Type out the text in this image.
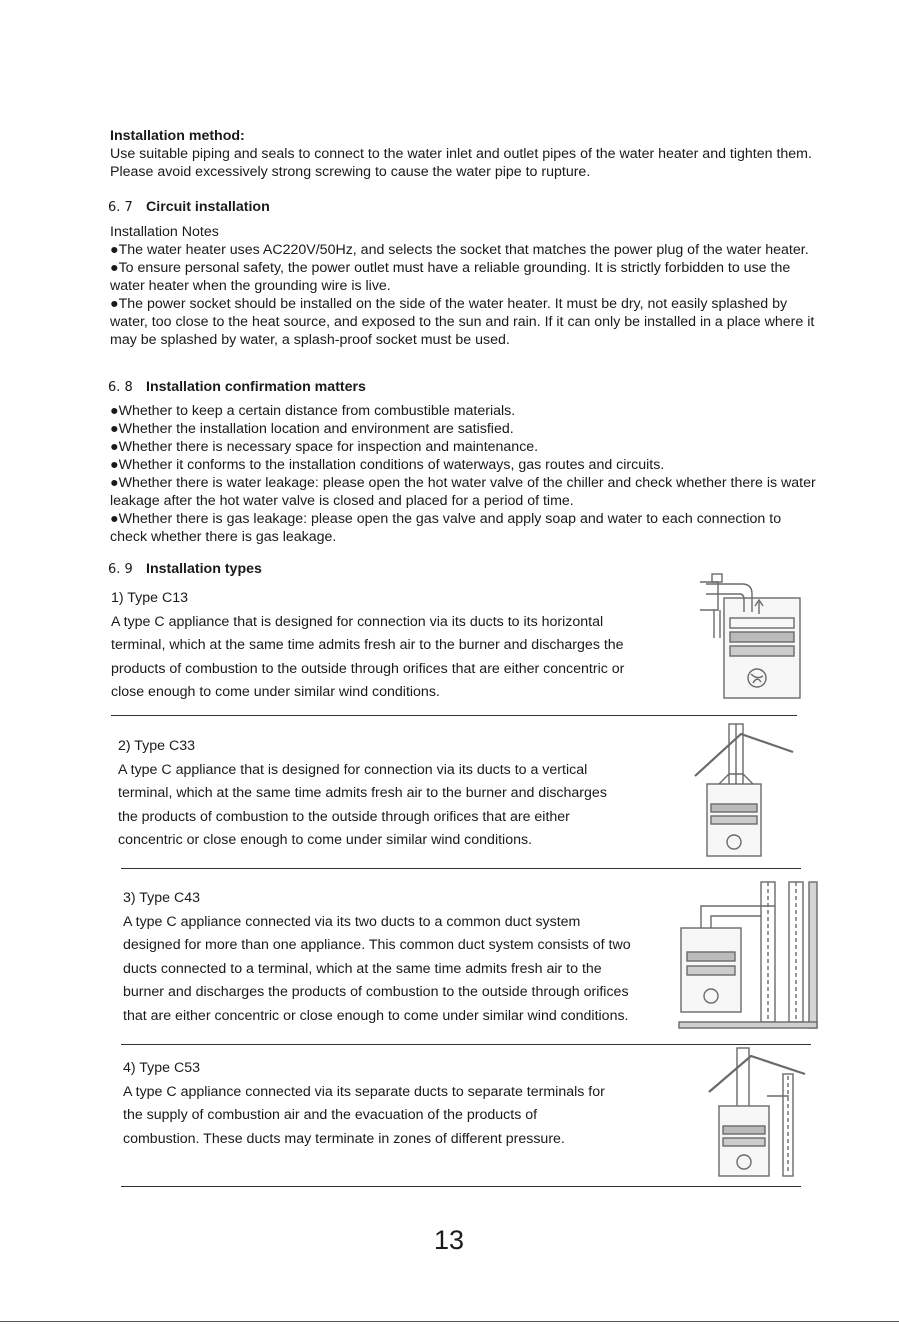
Installation method:

Use suitable piping and seals to connect to the water inlet and outlet pipes of the water heater and tighten them. Please avoid excessively strong screwing to cause the water pipe to rupture.

6. 7 Circuit installation

Installation Notes

●The water heater uses AC220V/50Hz, and selects the socket that matches the power plug of the water heater.

●To ensure personal safety, the power outlet must have a reliable grounding. It is strictly forbidden to use the water heater when the grounding wire is live.

●The power socket should be installed on the side of the water heater. It must be dry, not easily splashed by water, too close to the heat source, and exposed to the sun and rain. If it can only be installed in a place where it may be splashed by water, a splash-proof socket must be used.

6. 8 Installation confirmation matters

●Whether to keep a certain distance from combustible materials.

●Whether the installation location and environment are satisfied.

●Whether there is necessary space for inspection and maintenance.

●Whether it conforms to the installation conditions of waterways, gas routes and circuits.

●Whether there is water leakage: please open the hot water valve of the chiller and check whether there is water leakage after the hot water valve is closed and placed for a period of time.

●Whether there is gas leakage: please open the gas valve and apply soap and water to each connection to check whether there is gas leakage.

6. 9 Installation types

1) Type C13

A type C appliance that is designed for connection via its ducts to its horizontal

terminal, which at the same time admits fresh air to the burner and discharges the

products of combustion to the outside through orifices that are either concentric or

close enough to come under similar wind conditions.

2) Type C33

A type C appliance that is designed for connection via its ducts to a vertical

terminal, which at the same time admits fresh air to the burner and discharges

the products of combustion to the outside through orifices that are either

concentric or close enough to come under similar wind conditions.

3) Type C43

A type C appliance connected via its two ducts to a common duct system

designed for more than one appliance. This common duct system consists of two

ducts connected to a terminal, which at the same time admits fresh air to the

burner and discharges the products of combustion to the outside through orifices

that are either concentric or close enough to come under similar wind conditions.

4) Type C53

A type C appliance connected via its separate ducts to separate terminals for

the supply of combustion air and the evacuation of the products of

combustion. These ducts may terminate in zones of different pressure.

13
